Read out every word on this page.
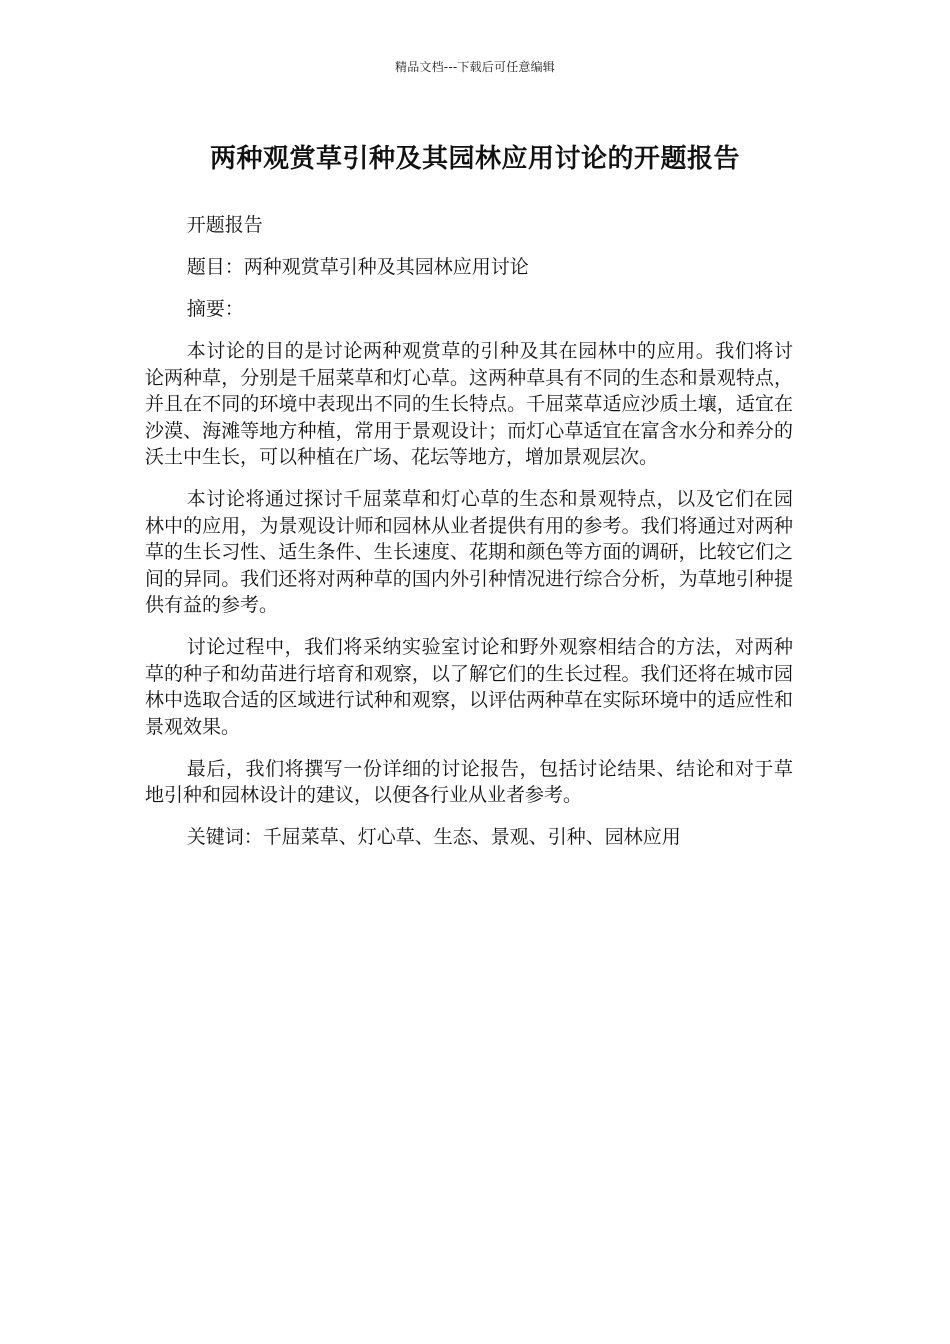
精品文档---下载后可任意编辑
两种观赏草引种及其园林应用讨论的开题报告

开题报告

题目：两种观赏草引种及其园林应用讨论

摘要：

本讨论的目的是讨论两种观赏草的引种及其在园林中的应用。我们将讨论两种草，分别是千屈菜草和灯心草。这两种草具有不同的生态和景观特点，并且在不同的环境中表现出不同的生长特点。千屈菜草适应沙质土壤，适宜在沙漠、海滩等地方种植，常用于景观设计；而灯心草适宜在富含水分和养分的沃土中生长，可以种植在广场、花坛等地方，增加景观层次。

本讨论将通过探讨千屈菜草和灯心草的生态和景观特点，以及它们在园林中的应用，为景观设计师和园林从业者提供有用的参考。我们将通过对两种草的生长习性、适生条件、生长速度、花期和颜色等方面的调研，比较它们之间的异同。我们还将对两种草的国内外引种情况进行综合分析，为草地引种提供有益的参考。

讨论过程中，我们将采纳实验室讨论和野外观察相结合的方法，对两种草的种子和幼苗进行培育和观察，以了解它们的生长过程。我们还将在城市园林中选取合适的区域进行试种和观察，以评估两种草在实际环境中的适应性和景观效果。

最后，我们将撰写一份详细的讨论报告，包括讨论结果、结论和对于草地引种和园林设计的建议，以便各行业从业者参考。

关键词：千屈菜草、灯心草、生态、景观、引种、园林应用
